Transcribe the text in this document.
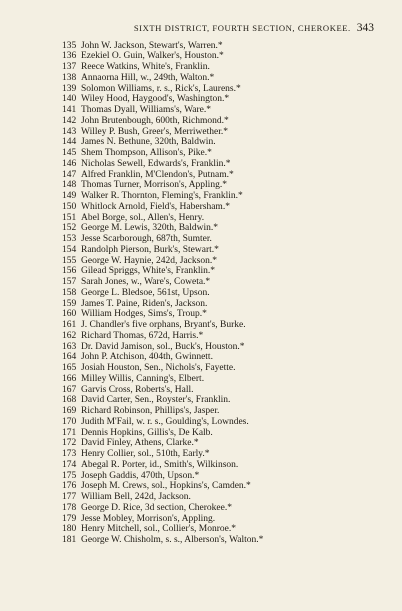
SIXTH DISTRICT, FOURTH SECTION, CHEROKEE. 343
135 John W. Jackson, Stewart's, Warren.*
136 Ezekiel O. Guin, Walker's, Houston.*
137 Reece Watkins, White's, Franklin.
138 Annaorna Hill, w., 249th, Walton.*
139 Solomon Williams, r. s., Rick's, Laurens.*
140 Wiley Hood, Haygood's, Washington.*
141 Thomas Dyall, Williams's, Ware.*
142 John Brutenbough, 600th, Richmond.*
143 Willey P. Bush, Greer's, Merriwether.*
144 James N. Bethune, 320th, Baldwin.
145 Shem Thompson, Allison's, Pike.*
146 Nicholas Sewell, Edwards's, Franklin.*
147 Alfred Franklin, M'Clendon's, Putnam.*
148 Thomas Turner, Morrison's, Appling.*
149 Walker R. Thornton, Fleming's, Franklin.*
150 Whitlock Arnold, Field's, Habersham.*
151 Abel Borge, sol., Allen's, Henry.
152 George M. Lewis, 320th, Baldwin.*
153 Jesse Scarborough, 687th, Sumter.
154 Randolph Pierson, Burk's, Stewart.*
155 George W. Haynie, 242d, Jackson.*
156 Gilead Spriggs, White's, Franklin.*
157 Sarah Jones, w., Ware's, Coweta.*
158 George L. Bledsoe, 561st, Upson.
159 James T. Paine, Riden's, Jackson.
160 William Hodges, Sims's, Troup.*
161 J. Chandler's five orphans, Bryant's, Burke.
162 Richard Thomas, 672d, Harris.*
163 Dr. David Jamison, sol., Buck's, Houston.*
164 John P. Atchison, 404th, Gwinnett.
165 Josiah Houston, Sen., Nichols's, Fayette.
166 Milley Willis, Canning's, Elbert.
167 Garvis Cross, Roberts's, Hall.
168 David Carter, Sen., Royster's, Franklin.
169 Richard Robinson, Phillips's, Jasper.
170 Judith M'Fail, w. r. s., Goulding's, Lowndes.
171 Dennis Hopkins, Gillis's, De Kalb.
172 David Finley, Athens, Clarke.*
173 Henry Collier, sol., 510th, Early.*
174 Abegal R. Porter, id., Smith's, Wilkinson.
175 Joseph Gaddis, 470th, Upson.*
176 Joseph M. Crews, sol., Hopkins's, Camden.*
177 William Bell, 242d, Jackson.
178 George D. Rice, 3d section, Cherokee.*
179 Jesse Mobley, Morrison's, Appling.
180 Henry Mitchell, sol., Collier's, Monroe.*
181 George W. Chisholm, s. s., Alberson's, Walton.*
